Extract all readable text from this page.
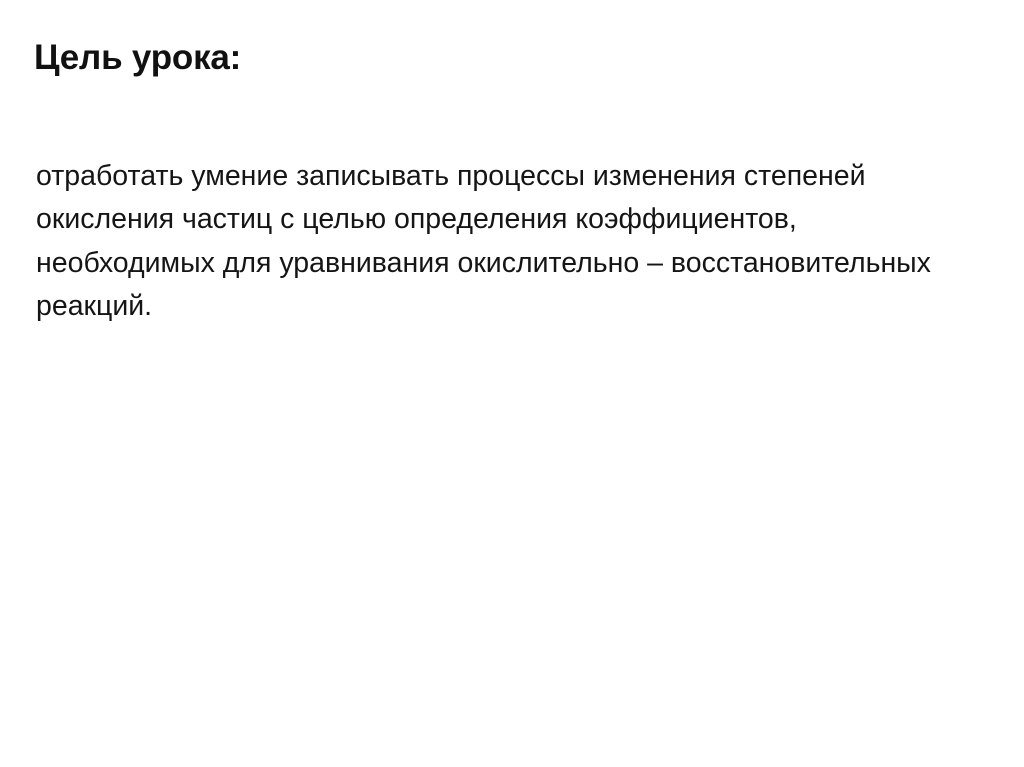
Цель урока:
отработать умение записывать процессы изменения степеней окисления частиц с целью определения коэффициентов, необходимых для уравнивания окислительно – восстановительных реакций.
